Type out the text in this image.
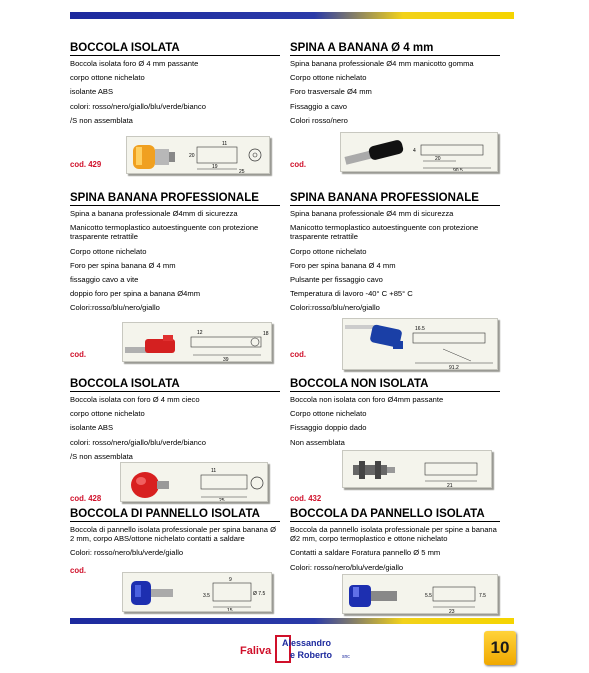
BOCCOLA ISOLATA
Boccola isolata foro Ø 4 mm passante
corpo ottone nichelato
isolante ABS
colori: rosso/nero/giallo/blu/verde/bianco
/S non assemblata
cod. 429	19
20
11
25
SPINA A BANANA Ø 4 mm
Spina banana professionale Ø4 mm manicotto gomma
Corpo ottone nichelato
Foro trasversale Ø4 mm
Fissaggio a cavo
Colori rosso/nero
cod.
20
90.5
4
SPINA BANANA PROFESSIONALE
Spina a banana professionale Ø4mm di sicurezza
Manicotto termoplastico autoestinguente con protezione trasparente retrattile
Corpo ottone nichelato
Foro per spina banana Ø 4 mm
fissaggio cavo a vite
doppio foro per spina a banana Ø4mm
Colori:rosso/blu/nero/giallo
cod.
12
39
18
SPINA BANANA PROFESSIONALE
Spina banana professionale Ø4 mm di sicurezza
Manicotto termoplastico autoestinguente con protezione trasparente retrattile
Corpo ottone nichelato
Foro per spina banana Ø 4 mm
Pulsante per fissaggio cavo
Temperatura di lavoro -40° C +85° C
Colori:rosso/blu/nero/giallo
cod.
16.5
91.2
BOCCOLA ISOLATA
Boccola isolata con foro Ø 4 mm cieco
corpo ottone nichelato
isolante ABS
colori: rosso/nero/giallo/blu/verde/bianco
/S non assemblata
cod. 428
11
25
BOCCOLA NON ISOLATA
Boccola non isolata con foro Ø4mm passante
Corpo ottone nichelato
Fissaggio doppio dado
Non assemblata
cod. 432
21
BOCCOLA DI PANNELLO ISOLATA
Boccola di pannello isolata professionale per spina banana Ø 2 mm, corpo ABS/ottone nichelato contatti a saldare
Colori: rosso/nero/blu/verde/giallo
cod.
3.5
9
15
Ø 7.5
BOCCOLA DA PANNELLO ISOLATA
Boccola da pannello isolata professionale per spine a banana Ø2 mm, corpo termoplastico e ottone nichelato
Contatti a saldare Foratura pannello Ø 5 mm
Colori: rosso/nero/blu/verde/giallo
23
5.5	7.5
Faliva
Alessandro
e Roberto snc	10
